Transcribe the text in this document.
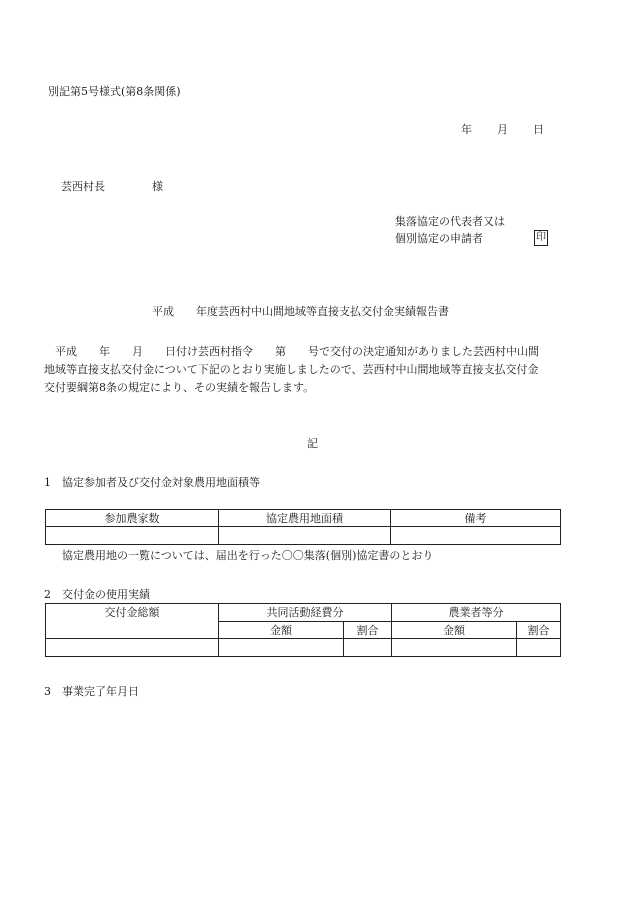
別記第5号様式(第8条関係)
年 月 日
芸西村長	様
集落協定の代表者又は
個別協定の申請者	印
平成　　年度芸西村中山間地域等直接支払交付金実績報告書
　平成　　年　　月　　日付け芸西村指令　　第　　号で交付の決定通知がありました芸西村中山間
地域等直接支払交付金について下記のとおり実施しましたので、芸西村中山間地域等直接支払交付金
交付要綱第8条の規定により、その実績を報告します。
記
1　協定参加者及び交付金対象農用地面積等
参加農家数	協定農用地面積	備考

協定農用地の一覧については、届出を行った〇〇集落(個別)協定書のとおり
2　交付金の使用実績
交付金総額	共同活動経費分		農業者等分	
	金額	割合	金額	割合

3　事業完了年月日
